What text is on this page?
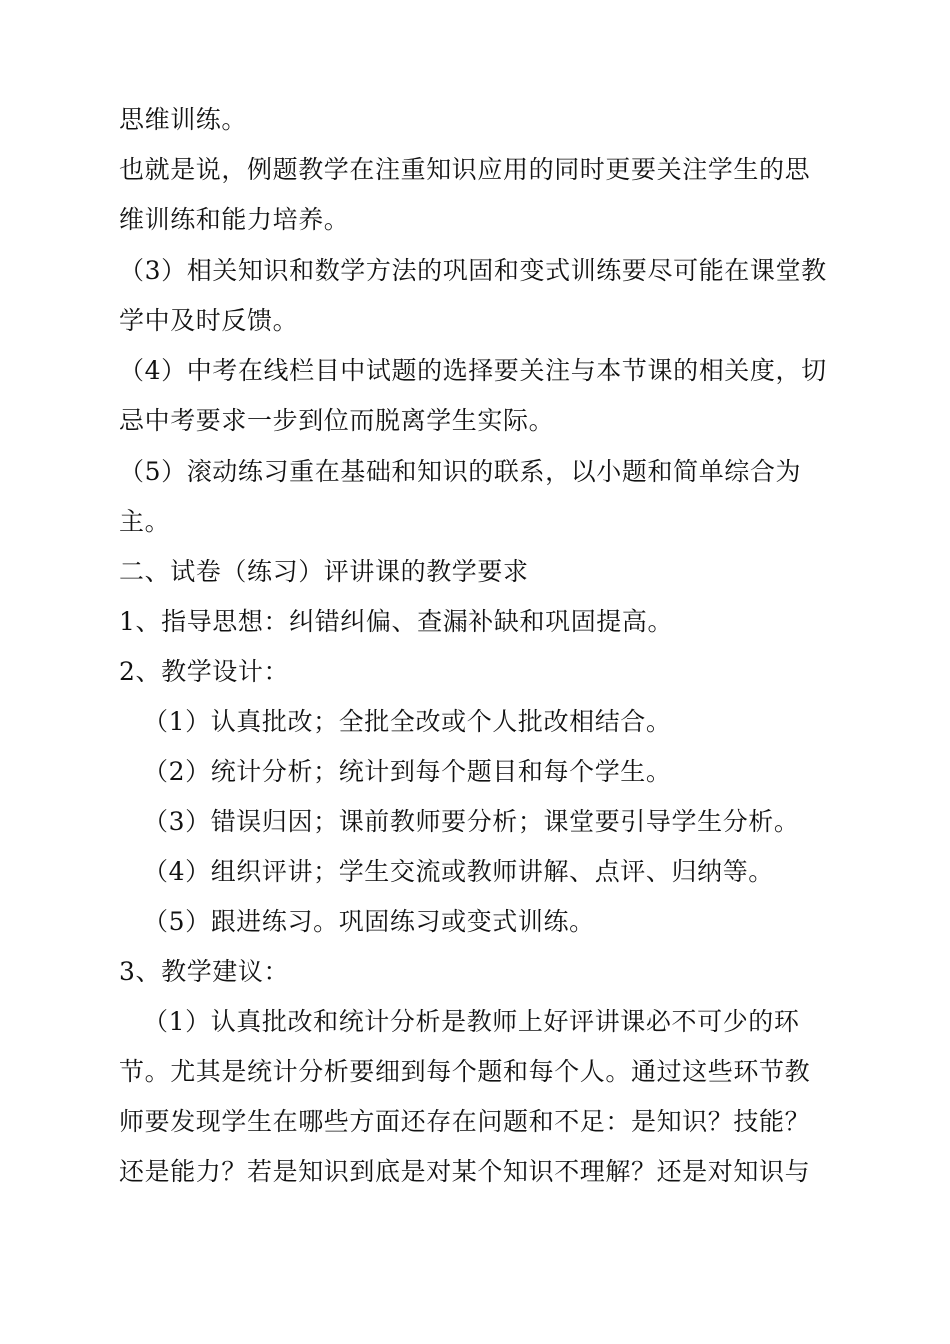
思维训练。
也就是说，例题教学在注重知识应用的同时更要关注学生的思
维训练和能力培养。
（3）相关知识和数学方法的巩固和变式训练要尽可能在课堂教
学中及时反馈。
（4）中考在线栏目中试题的选择要关注与本节课的相关度，切
忌中考要求一步到位而脱离学生实际。
（5）滚动练习重在基础和知识的联系，以小题和简单综合为
主。
二、试卷（练习）评讲课的教学要求
1、指导思想：纠错纠偏、查漏补缺和巩固提高。
2、教学设计：
（1）认真批改；全批全改或个人批改相结合。
（2）统计分析；统计到每个题目和每个学生。
（3）错误归因；课前教师要分析；课堂要引导学生分析。
（4）组织评讲；学生交流或教师讲解、点评、归纳等。
（5）跟进练习。巩固练习或变式训练。
3、教学建议：
（1）认真批改和统计分析是教师上好评讲课必不可少的环
节。尤其是统计分析要细到每个题和每个人。通过这些环节教
师要发现学生在哪些方面还存在问题和不足：是知识？技能？
还是能力？若是知识到底是对某个知识不理解？还是对知识与
